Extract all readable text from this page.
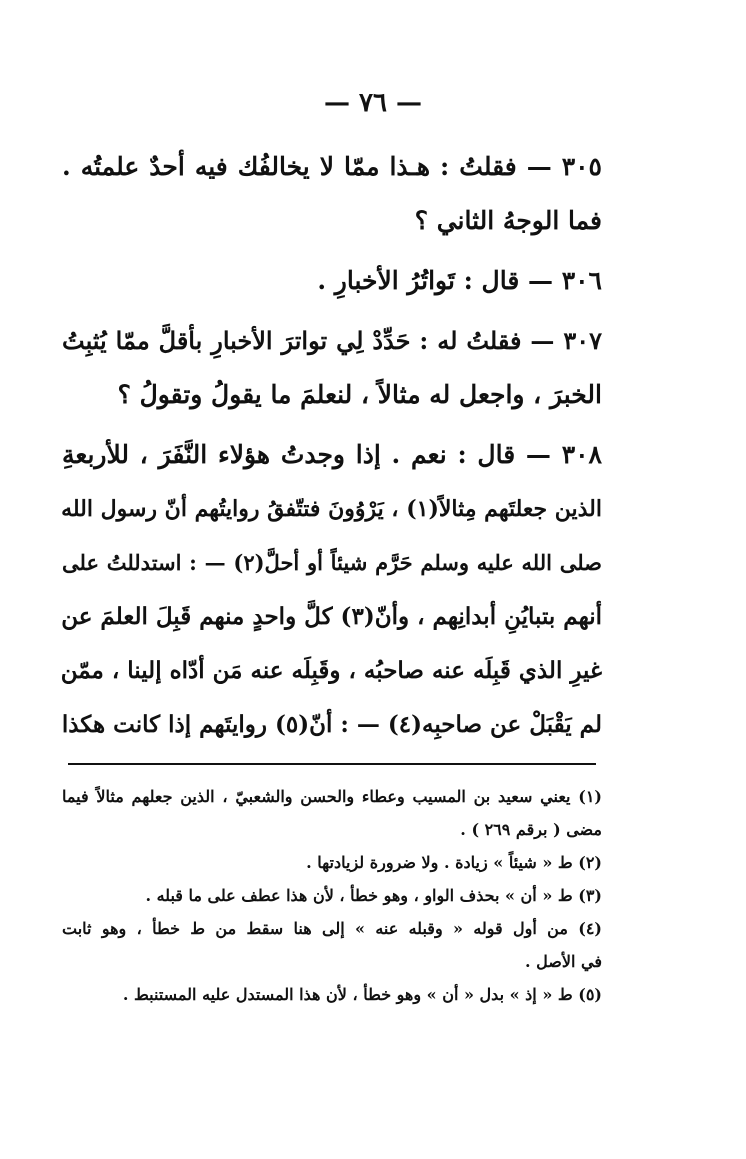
— ٧٦ —
٣٠٥ — فقلتُ : هـذا ممّا لا يخالفُك فيه أحدٌ علمتُه .
فما الوجهُ الثاني ؟
٣٠٦ — قال : تَواتُرُ الأخبارِ .
٣٠٧ — فقلتُ له : حَدِّدْ لِي تواترَ الأخبارِ بأقلَّ ممّا يُثبِتُ
الخبرَ ، واجعل له مثالاً ، لنعلمَ ما يقولُ وتقولُ ؟
٣٠٨ — قال : نعم . إذا وجدتُ هؤلاء النَّفَرَ ، للأربعةِ
الذين جعلتَهم مِثالاً(١) ، يَرْوُونَ فتتّفقُ روايتُهم أنّ رسول الله
صلى الله عليه وسلم حَرَّم شيئاً أو أحلَّ(٢) — : استدللتُ على
أنهم بتبايُنِ أبدانِهم ، وأنّ(٣) كلَّ واحدٍ منهم قَبِلَ العلمَ عن
غيرِ الذي قَبِلَه عنه صاحبُه ، وقَبِلَه عنه مَن أدّاه إلينا ، ممّن
لم يَقْبَلْ عن صاحبِه(٤) — : أنّ(٥) روايتَهم إذا كانت هكذا
(١) يعني سعيد بن المسيب وعطاء والحسن والشعبيّ ، الذين جعلهم مثالاً فيما
مضى ( برقم ٢٦٩ ) .
(٢) ط « شيئاً » زيادة . ولا ضرورة لزيادتها .
(٣) ط « أن » بحذف الواو ، وهو خطأ ، لأن هذا عطف على ما قبله .
(٤) من أول قوله « وقبله عنه » إلى هنا سقط من ط خطأ ، وهو ثابت
في الأصل .
(٥) ط « إذ » بدل « أن » وهو خطأ ، لأن هذا المستدل عليه المستنبط .
